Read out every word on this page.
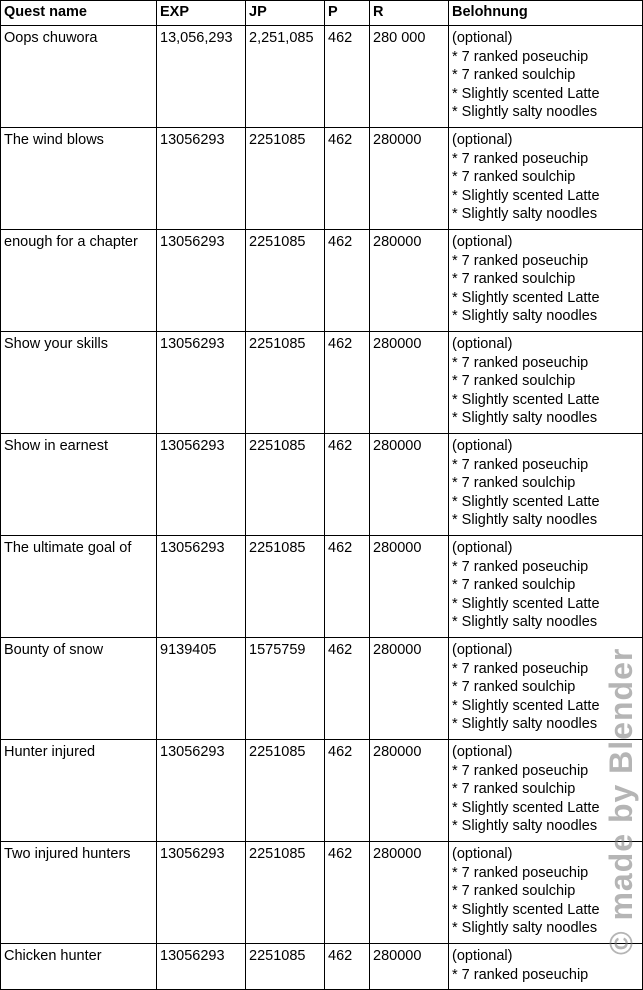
Quest name	EXP	JP	P	R	Belohnung
Oops chuwora	13,056,293	2,251,085	462	280 000	(optional)
* 7 ranked poseuchip
* 7 ranked soulchip
* Slightly scented Latte
* Slightly salty noodles

The wind blows	13056293	2251085	462	280000	(optional)
* 7 ranked poseuchip
* 7 ranked soulchip
* Slightly scented Latte
* Slightly salty noodles

enough for a chapter	13056293	2251085	462	280000	(optional)
* 7 ranked poseuchip
* 7 ranked soulchip
* Slightly scented Latte
* Slightly salty noodles

Show your skills	13056293	2251085	462	280000	(optional)
* 7 ranked poseuchip
* 7 ranked soulchip
* Slightly scented Latte
* Slightly salty noodles

Show in earnest	13056293	2251085	462	280000	(optional)
* 7 ranked poseuchip
* 7 ranked soulchip
* Slightly scented Latte
* Slightly salty noodles

The ultimate goal of	13056293	2251085	462	280000	(optional)
* 7 ranked poseuchip
* 7 ranked soulchip
* Slightly scented Latte
* Slightly salty noodles

Bounty of snow	9139405	1575759	462	280000	(optional)
* 7 ranked poseuchip
* 7 ranked soulchip
* Slightly scented Latte
* Slightly salty noodles

Hunter injured	13056293	2251085	462	280000	(optional)
* 7 ranked poseuchip
* 7 ranked soulchip
* Slightly scented Latte
* Slightly salty noodles

Two injured hunters	13056293	2251085	462	280000	(optional)
* 7 ranked poseuchip
* 7 ranked soulchip
* Slightly scented Latte
* Slightly salty noodles

Chicken hunter	13056293	2251085	462	280000	(optional)
* 7 ranked poseuchip
© made by Blender
